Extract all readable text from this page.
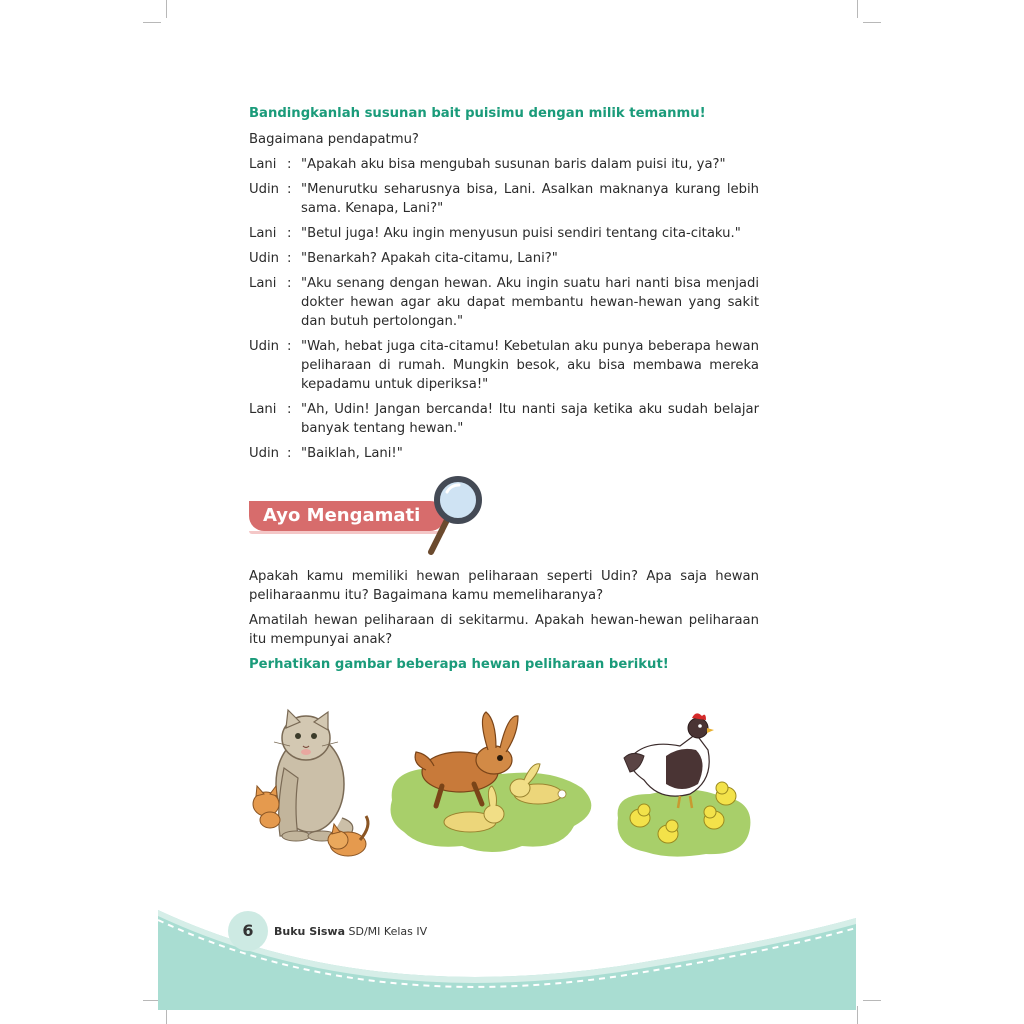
Bandingkanlah susunan bait puisimu dengan milik temanmu!
Bagaimana pendapatmu?
Lani : "Apakah aku bisa mengubah susunan baris dalam puisi itu, ya?"
Udin : "Menurutku seharusnya bisa, Lani. Asalkan maknanya kurang lebih sama. Kenapa, Lani?"
Lani : "Betul juga! Aku ingin menyusun puisi sendiri tentang cita-citaku."
Udin : "Benarkah? Apakah cita-citamu, Lani?"
Lani : "Aku senang dengan hewan. Aku ingin suatu hari nanti bisa menjadi dokter hewan agar aku dapat membantu hewan-hewan yang sakit dan butuh pertolongan."
Udin : "Wah, hebat juga cita-citamu! Kebetulan aku punya beberapa hewan peliharaan di rumah. Mungkin besok, aku bisa membawa mereka kepadamu untuk diperiksa!"
Lani : "Ah, Udin! Jangan bercanda! Itu nanti saja ketika aku sudah belajar banyak tentang hewan."
Udin : "Baiklah, Lani!"
Ayo Mengamati
Apakah kamu memiliki hewan peliharaan seperti Udin? Apa saja hewan peliharaanmu itu? Bagaimana kamu memeliharanya?
Amatilah hewan peliharaan di sekitarmu. Apakah hewan-hewan peliharaan itu mempunyai anak?
Perhatikan gambar beberapa hewan peliharaan berikut!
6	Buku Siswa SD/MI Kelas IV
